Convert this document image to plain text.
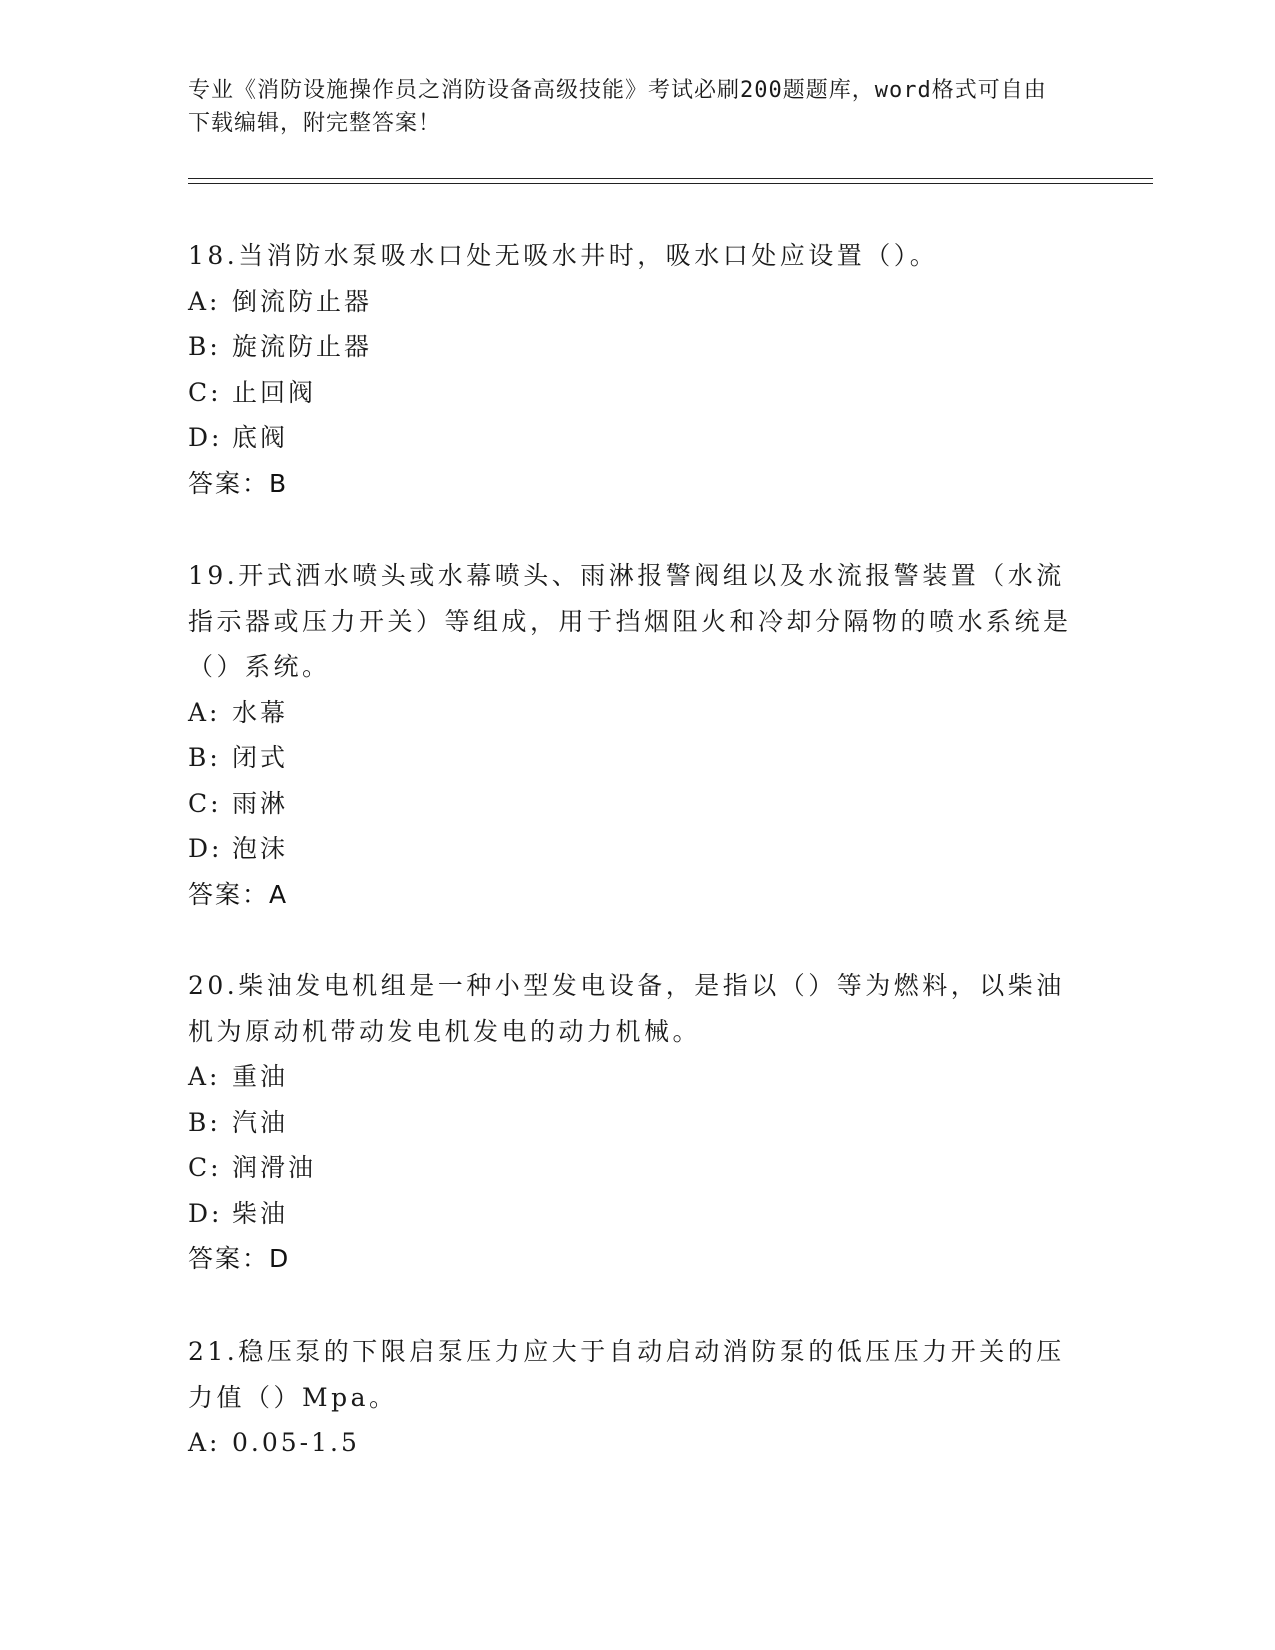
专业《消防设施操作员之消防设备高级技能》考试必刷200题题库，word格式可自由下载编辑，附完整答案！

18.当消防水泵吸水口处无吸水井时，吸水口处应设置（）。

A: 倒流防止器

B: 旋流防止器

C: 止回阀

D: 底阀

答案：B

19.开式洒水喷头或水幕喷头、雨淋报警阀组以及水流报警装置（水流指示器或压力开关）等组成，用于挡烟阻火和冷却分隔物的喷水系统是（）系统。

A: 水幕

B: 闭式

C: 雨淋

D: 泡沫

答案：A

20.柴油发电机组是一种小型发电设备，是指以（）等为燃料，以柴油机为原动机带动发电机发电的动力机械。

A: 重油

B: 汽油

C: 润滑油

D: 柴油

答案：D

21.稳压泵的下限启泵压力应大于自动启动消防泵的低压压力开关的压力值（）Mpa。

A: 0.05-1.5
